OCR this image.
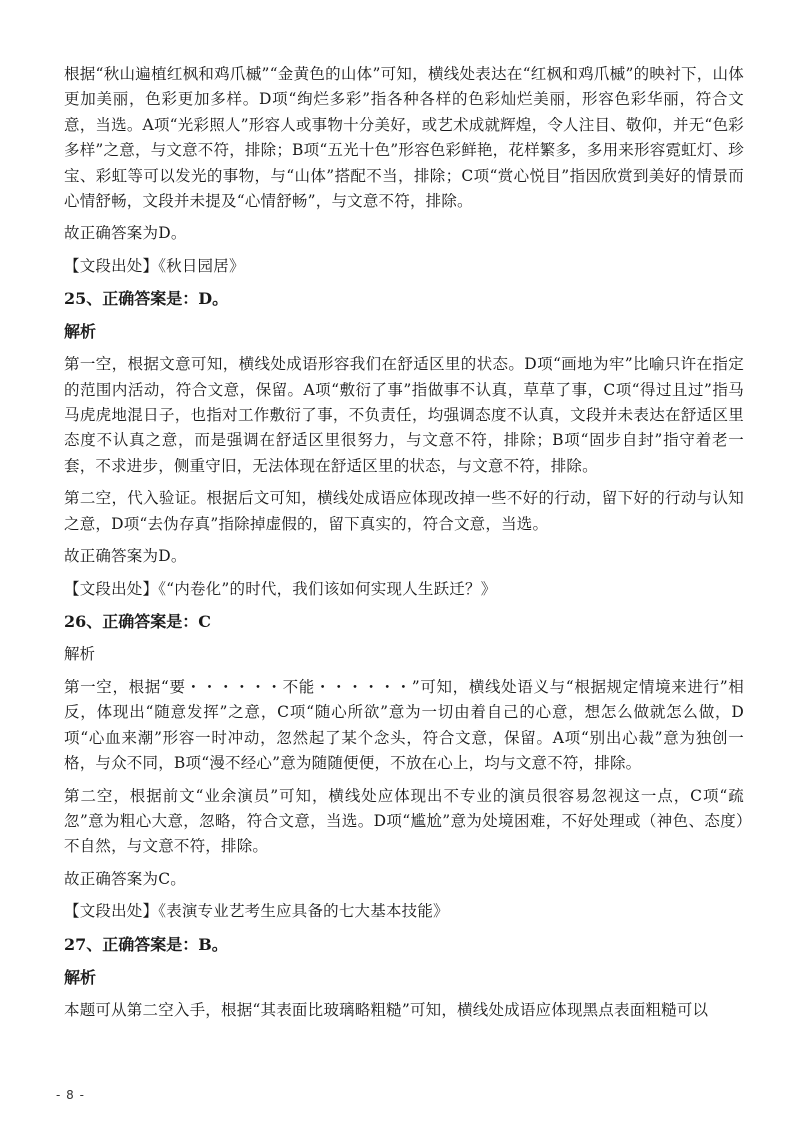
根据“秋山遍植红枫和鸡爪槭”“金黄色的山体”可知，横线处表达在“红枫和鸡爪槭”的映衬下，山体更加美丽，色彩更加多样。D项“绚烂多彩”指各种各样的色彩灿烂美丽，形容色彩华丽，符合文意，当选。A项“光彩照人”形容人或事物十分美好，或艺术成就辉煌，令人注目、敬仰，并无“色彩多样”之意，与文意不符，排除；B项“五光十色”形容色彩鲜艳，花样繁多，多用来形容霓虹灯、珍宝、彩虹等可以发光的事物，与“山体”搭配不当，排除；C项“赏心悦目”指因欣赏到美好的情景而心情舒畅，文段并未提及“心情舒畅”，与文意不符，排除。

故正确答案为D。

【文段出处】《秋日园居》

25、正确答案是：D。

解析

第一空，根据文意可知，横线处成语形容我们在舒适区里的状态。D项“画地为牢”比喻只许在指定的范围内活动，符合文意，保留。A项“敷衍了事”指做事不认真，草草了事，C项“得过且过”指马马虎虎地混日子，也指对工作敷衍了事，不负责任，均强调态度不认真，文段并未表达在舒适区里态度不认真之意，而是强调在舒适区里很努力，与文意不符，排除；B项“固步自封”指守着老一套，不求进步，侧重守旧，无法体现在舒适区里的状态，与文意不符，排除。

第二空，代入验证。根据后文可知，横线处成语应体现改掉一些不好的行动，留下好的行动与认知之意，D项“去伪存真”指除掉虚假的，留下真实的，符合文意，当选。

故正确答案为D。

【文段出处】《“内卷化”的时代，我们该如何实现人生跃迁？》

26、正确答案是：C

解析

第一空，根据“要・・・・・・不能・・・・・・”可知，横线处语义与“根据规定情境来进行”相反，体现出“随意发挥”之意，C项“随心所欲”意为一切由着自己的心意，想怎么做就怎么做，D项“心血来潮”形容一时冲动，忽然起了某个念头，符合文意，保留。A项“别出心裁”意为独创一格，与众不同，B项“漫不经心”意为随随便便，不放在心上，均与文意不符，排除。

第二空，根据前文“业余演员”可知，横线处应体现出不专业的演员很容易忽视这一点，C项“疏忽”意为粗心大意，忽略，符合文意，当选。D项“尴尬”意为处境困难，不好处理或（神色、态度）不自然，与文意不符，排除。

故正确答案为C。

【文段出处】《表演专业艺考生应具备的七大基本技能》

27、正确答案是：B。

解析

本题可从第二空入手，根据“其表面比玻璃略粗糙”可知，横线处成语应体现黑点表面粗糙可以

- 8 -
